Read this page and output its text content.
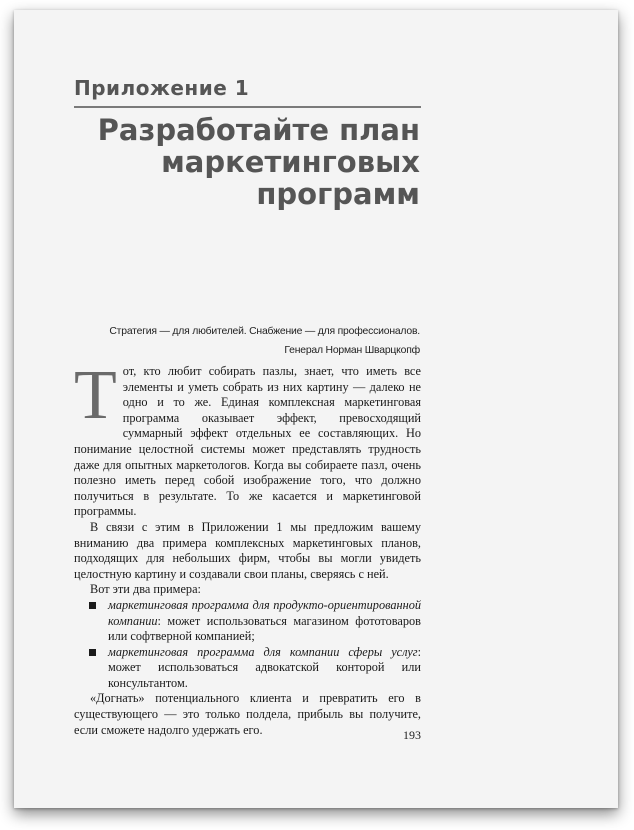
Приложение 1
Разработайте план
маркетинговых
программ
Стратегия — для любителей. Снабжение — для профессионалов.
Генерал Норман Шварцкопф

Тот, кто любит собирать пазлы, знает, что иметь все элементы и уметь собрать из них картину — далеко не одно и то же. Единая комплексная маркетинговая программа оказывает эффект, превосходящий суммарный эффект отдельных ее составляющих. Но понимание целостной системы может представлять трудность даже для опытных маркетологов. Когда вы собираете пазл, очень полезно иметь перед собой изображение того, что должно получиться в результате. То же касается и маркетинговой программы.

В связи с этим в Приложении 1 мы предложим вашему вниманию два примера комплексных маркетинговых планов, подходящих для небольших фирм, чтобы вы могли увидеть целостную картину и создавали свои планы, сверяясь с ней.

Вот эти два примера:

маркетинговая программа для продукто-ориентированной компании: может использоваться магазином фототоваров или софтверной компанией;
маркетинговая программа для компании сферы услуг: может использоваться адвокатской конторой или консультантом.

«Догнать» потенциального клиента и превратить его в существующего — это только полдела, прибыль вы получите, если сможете надолго удержать его.	193
